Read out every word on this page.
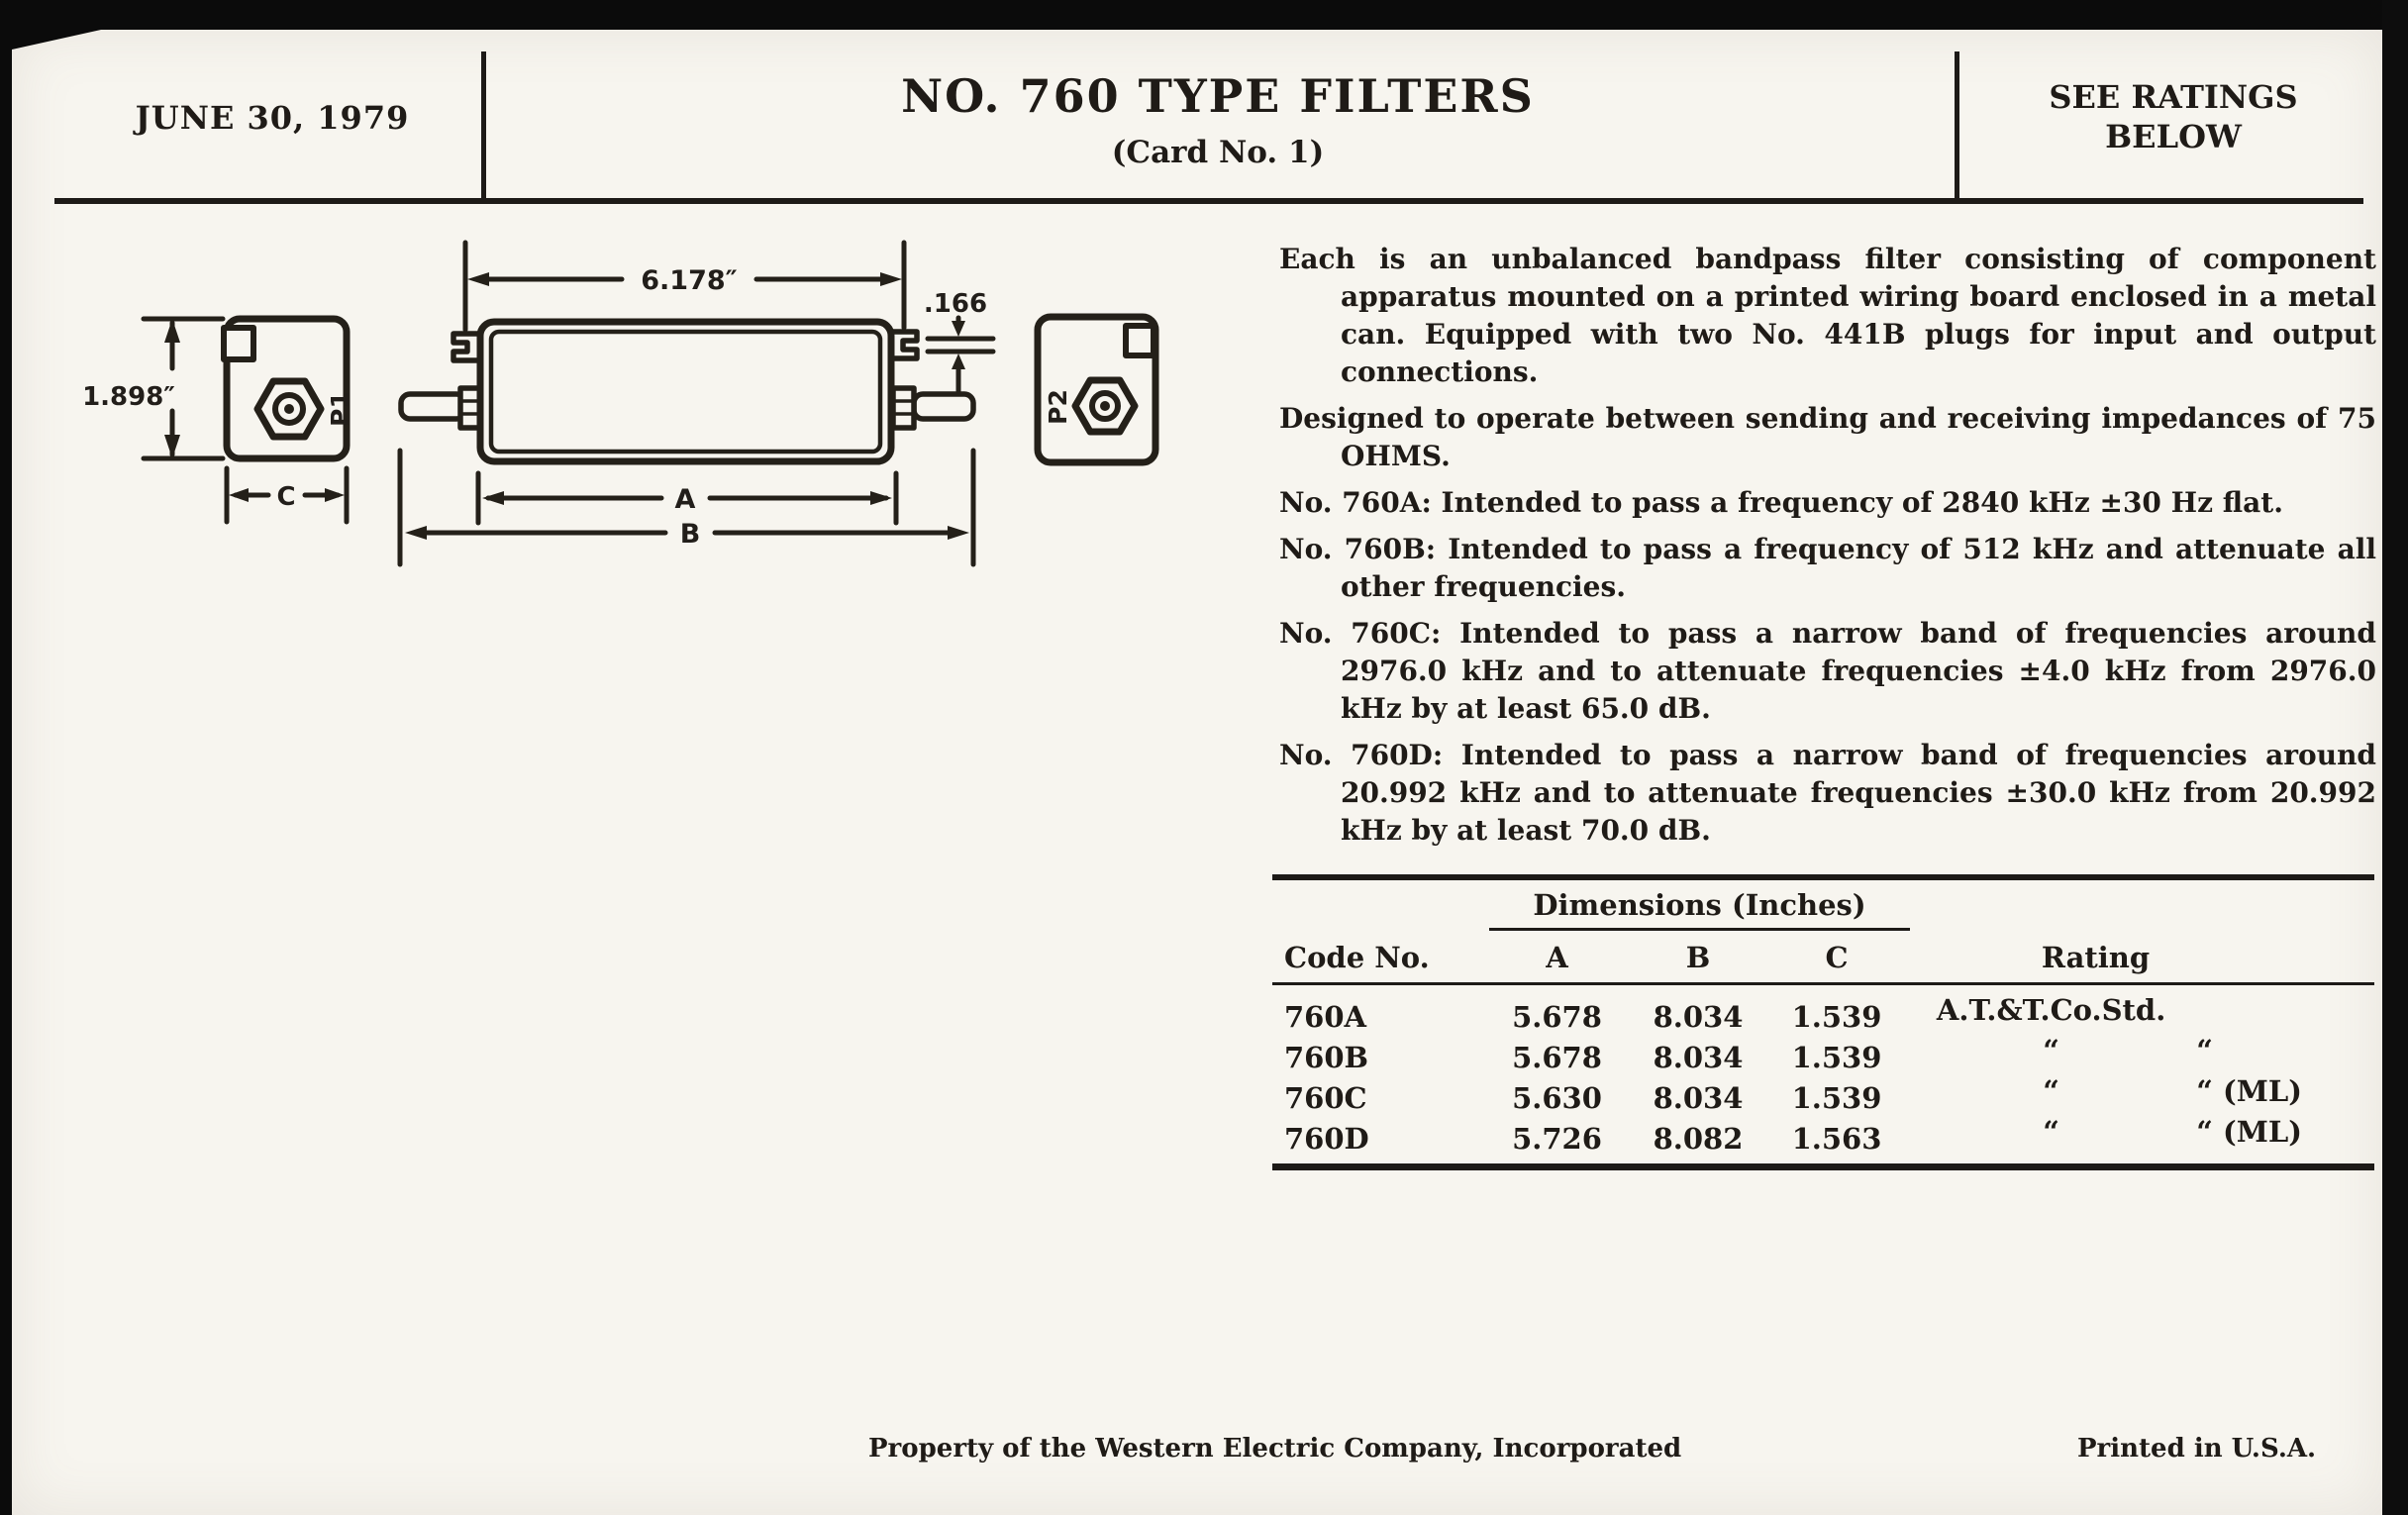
JUNE 30, 1979	NO. 760 TYPE FILTERS
(Card No. 1)
SEE RATINGS
BELOW
P1
1.898″
C
6.178″
.166
A
B
P2

Each is an unbalanced bandpass filter consisting of component apparatus mounted on a printed wiring board enclosed in a metal can. Equipped with two No. 441B plugs for input and output connections.

Designed to operate between sending and receiving impedances of 75 OHMS.

No. 760A: Intended to pass a frequency of 2840 kHz ±30 Hz flat.

No. 760B: Intended to pass a frequency of 512 kHz and attenuate all other frequencies.

No. 760C: Intended to pass a narrow band of frequencies around 2976.0 kHz and to attenuate frequencies ±4.0 kHz from 2976.0 kHz by at least 65.0 dB.

No. 760D: Intended to pass a narrow band of frequencies around 20.992 kHz and to attenuate frequencies ±30.0 kHz from 20.992 kHz by at least 70.0 dB.

Dimensions (Inches)
Code No.	A	B	C	Rating
760A	5.678	8.034	1.539	A.T.&T.Co.Std.
760B	5.678	8.034	1.539	“	“
760C	5.630	8.034	1.539	“	“ (ML)
760D	5.726	8.082	1.563	“	“ (ML)
Property of the Western Electric Company, Incorporated	Printed in U.S.A.
